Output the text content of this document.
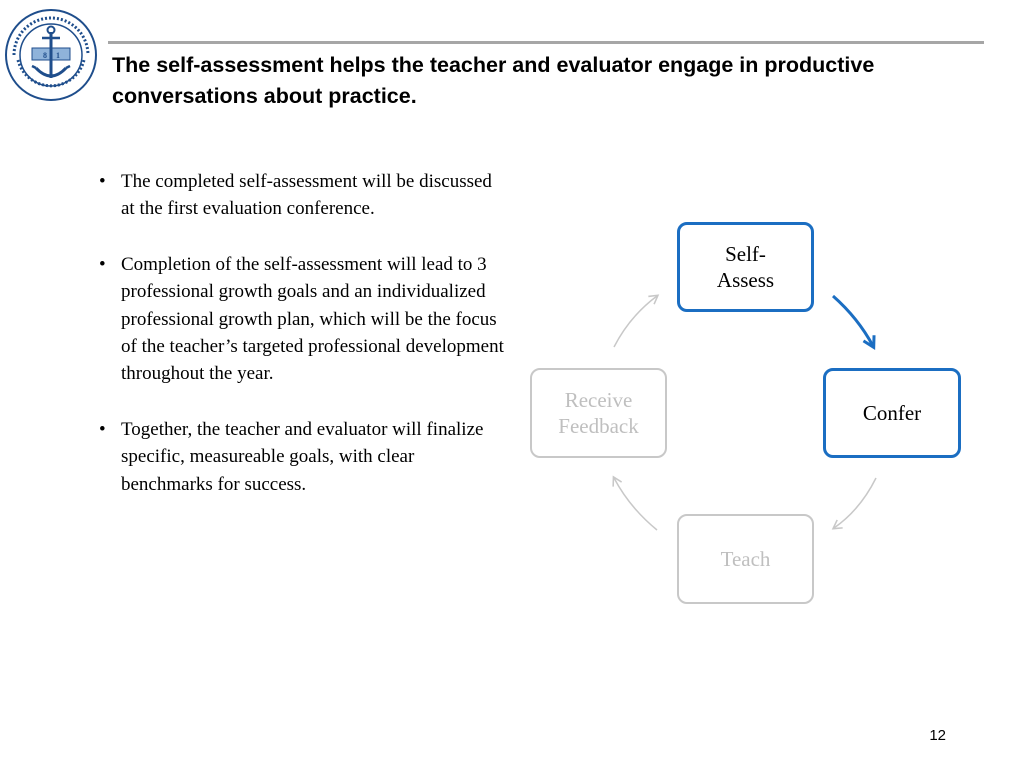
8 1 The self-assessment helps the teacher and evaluator engage in productive conversations about practice.
• The completed self-assessment will be discussed at the first evaluation conference.
• Completion of the self-assessment will lead to 3 professional growth goals and an individualized professional growth plan, which will be the focus of the teacher’s targeted professional development throughout the year.
• Together, the teacher and evaluator will finalize specific, measureable goals, with clear benchmarks for success.
Self-
Assess
Confer
Teach
Receive
Feedback
12
